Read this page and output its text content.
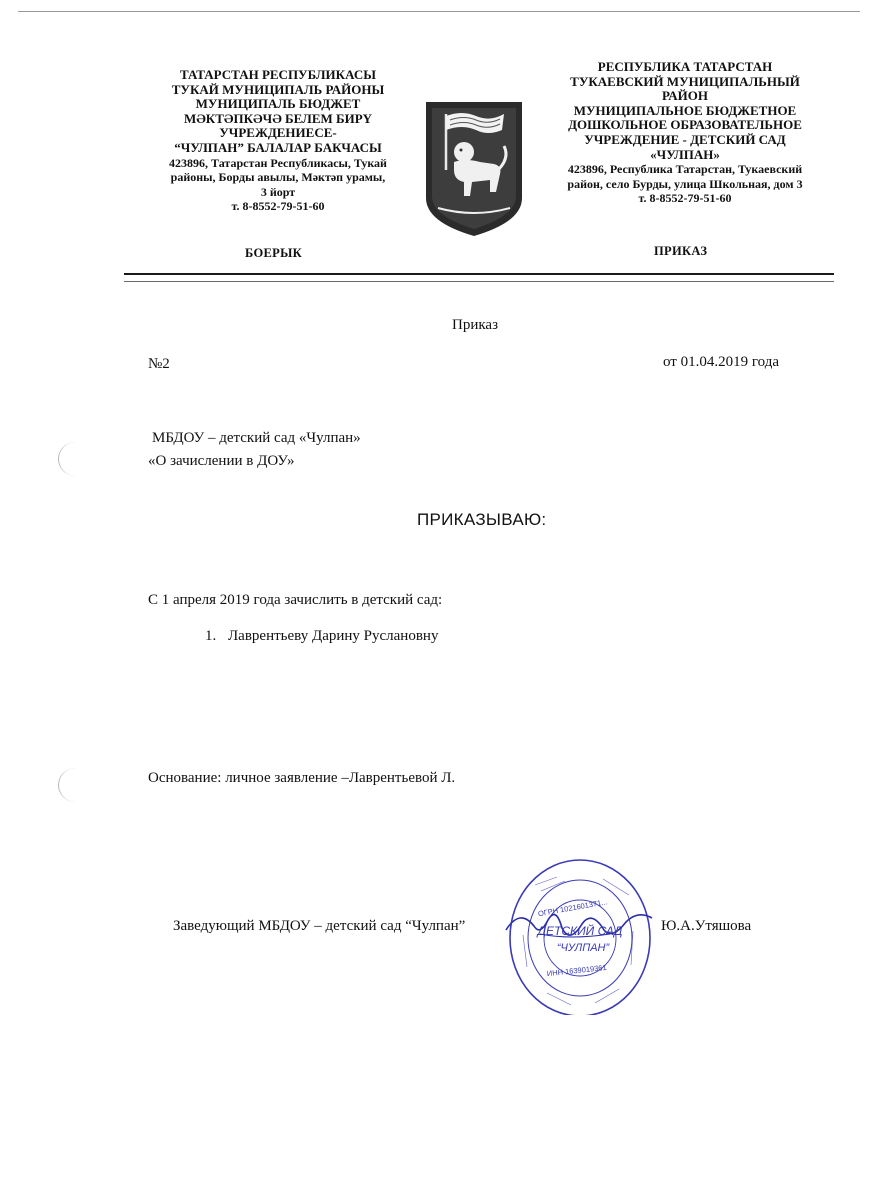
ТАТАРСТАН РЕСПУБЛИКАСЫ
ТУКАЙ МУНИЦИПАЛЬ РАЙОНЫ
МУНИЦИПАЛЬ БЮДЖЕТ
МӘКТӘПКӘЧӘ БЕЛЕМ БИРҮ
УЧРЕЖДЕНИЕСЕ-
“ЧУЛПАН” БАЛАЛАР БАКЧАСЫ
423896, Татарстан Республикасы, Тукай
районы, Борды авылы, Мәктәп урамы,
3 йорт
т. 8-8552-79-51-60
БОЕРЫК
РЕСПУБЛИКА ТАТАРСТАН
ТУКАЕВСКИЙ МУНИЦИПАЛЬНЫЙ
РАЙОН
МУНИЦИПАЛЬНОЕ БЮДЖЕТНОЕ
ДОШКОЛЬНОЕ ОБРАЗОВАТЕЛЬНОЕ
УЧРЕЖДЕНИЕ - ДЕТСКИЙ САД
«ЧУЛПАН»
423896, Республика Татарстан, Тукаевский
район, село Бурды, улица Школьная, дом 3
т. 8-8552-79-51-60
ПРИКАЗ
Приказ
№2	от 01.04.2019 года
МБДОУ – детский сад «Чулпан»
«О зачислении в ДОУ»
ПРИКАЗЫВАЮ:
С 1 апреля 2019 года зачислить в детский сад:
1. Лаврентьеву Дарину Руслановну
Основание: личное заявление –Лаврентьевой Л.
Заведующий МБДОУ – детский сад “Чулпан”	Ю.А.Утяшова
ДЕТСКИЙ САД
“ЧУЛПАН”
ОГРН 1021601371...
ИНН 1639019361
